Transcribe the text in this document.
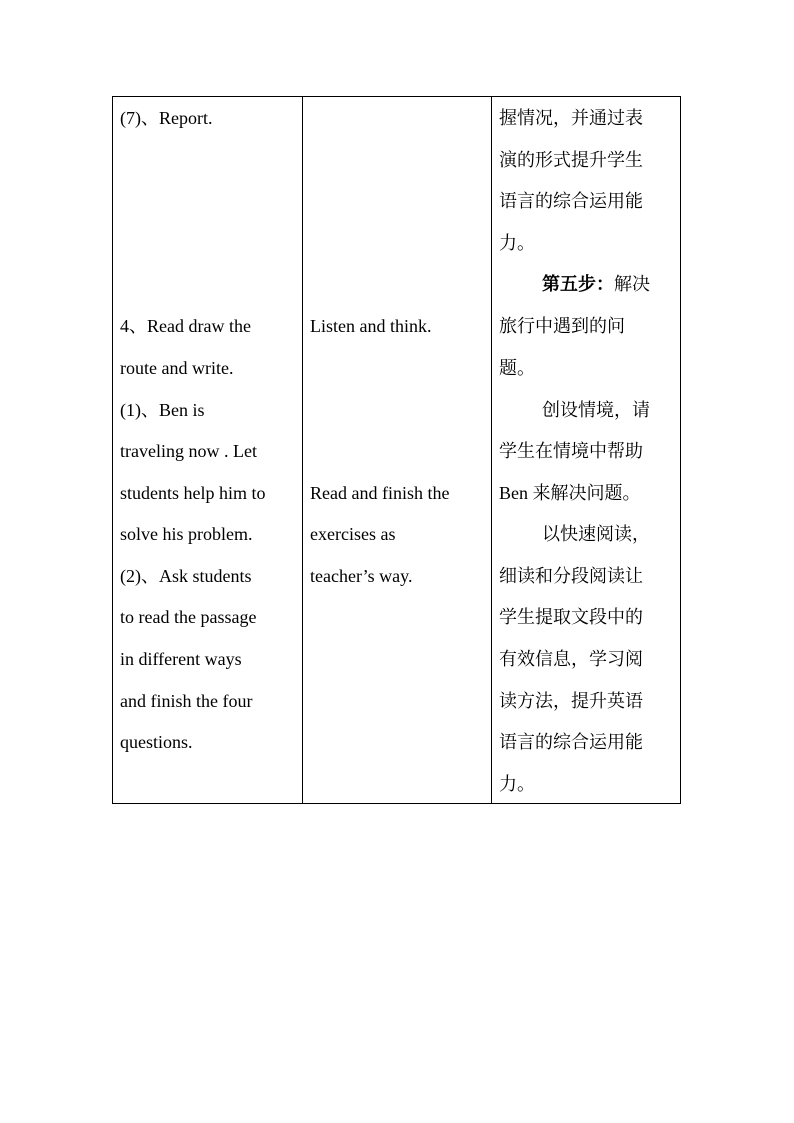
(7)、Report.
4、Read draw the
route and write.
(1)、Ben is
traveling now . Let
students help him to
solve his problem.
(2)、Ask students
to read the passage
in different ways
and finish the four
questions.

Listen and think.
Read and finish the
exercises as
teacher’s way.

握情况，并通过表
演的形式提升学生
语言的综合运用能
力。
第五步：解决
旅行中遇到的问
题。
创设情境，请
学生在情境中帮助
Ben 来解决问题。
以快速阅读，
细读和分段阅读让
学生提取文段中的
有效信息，学习阅
读方法，提升英语
语言的综合运用能
力。
